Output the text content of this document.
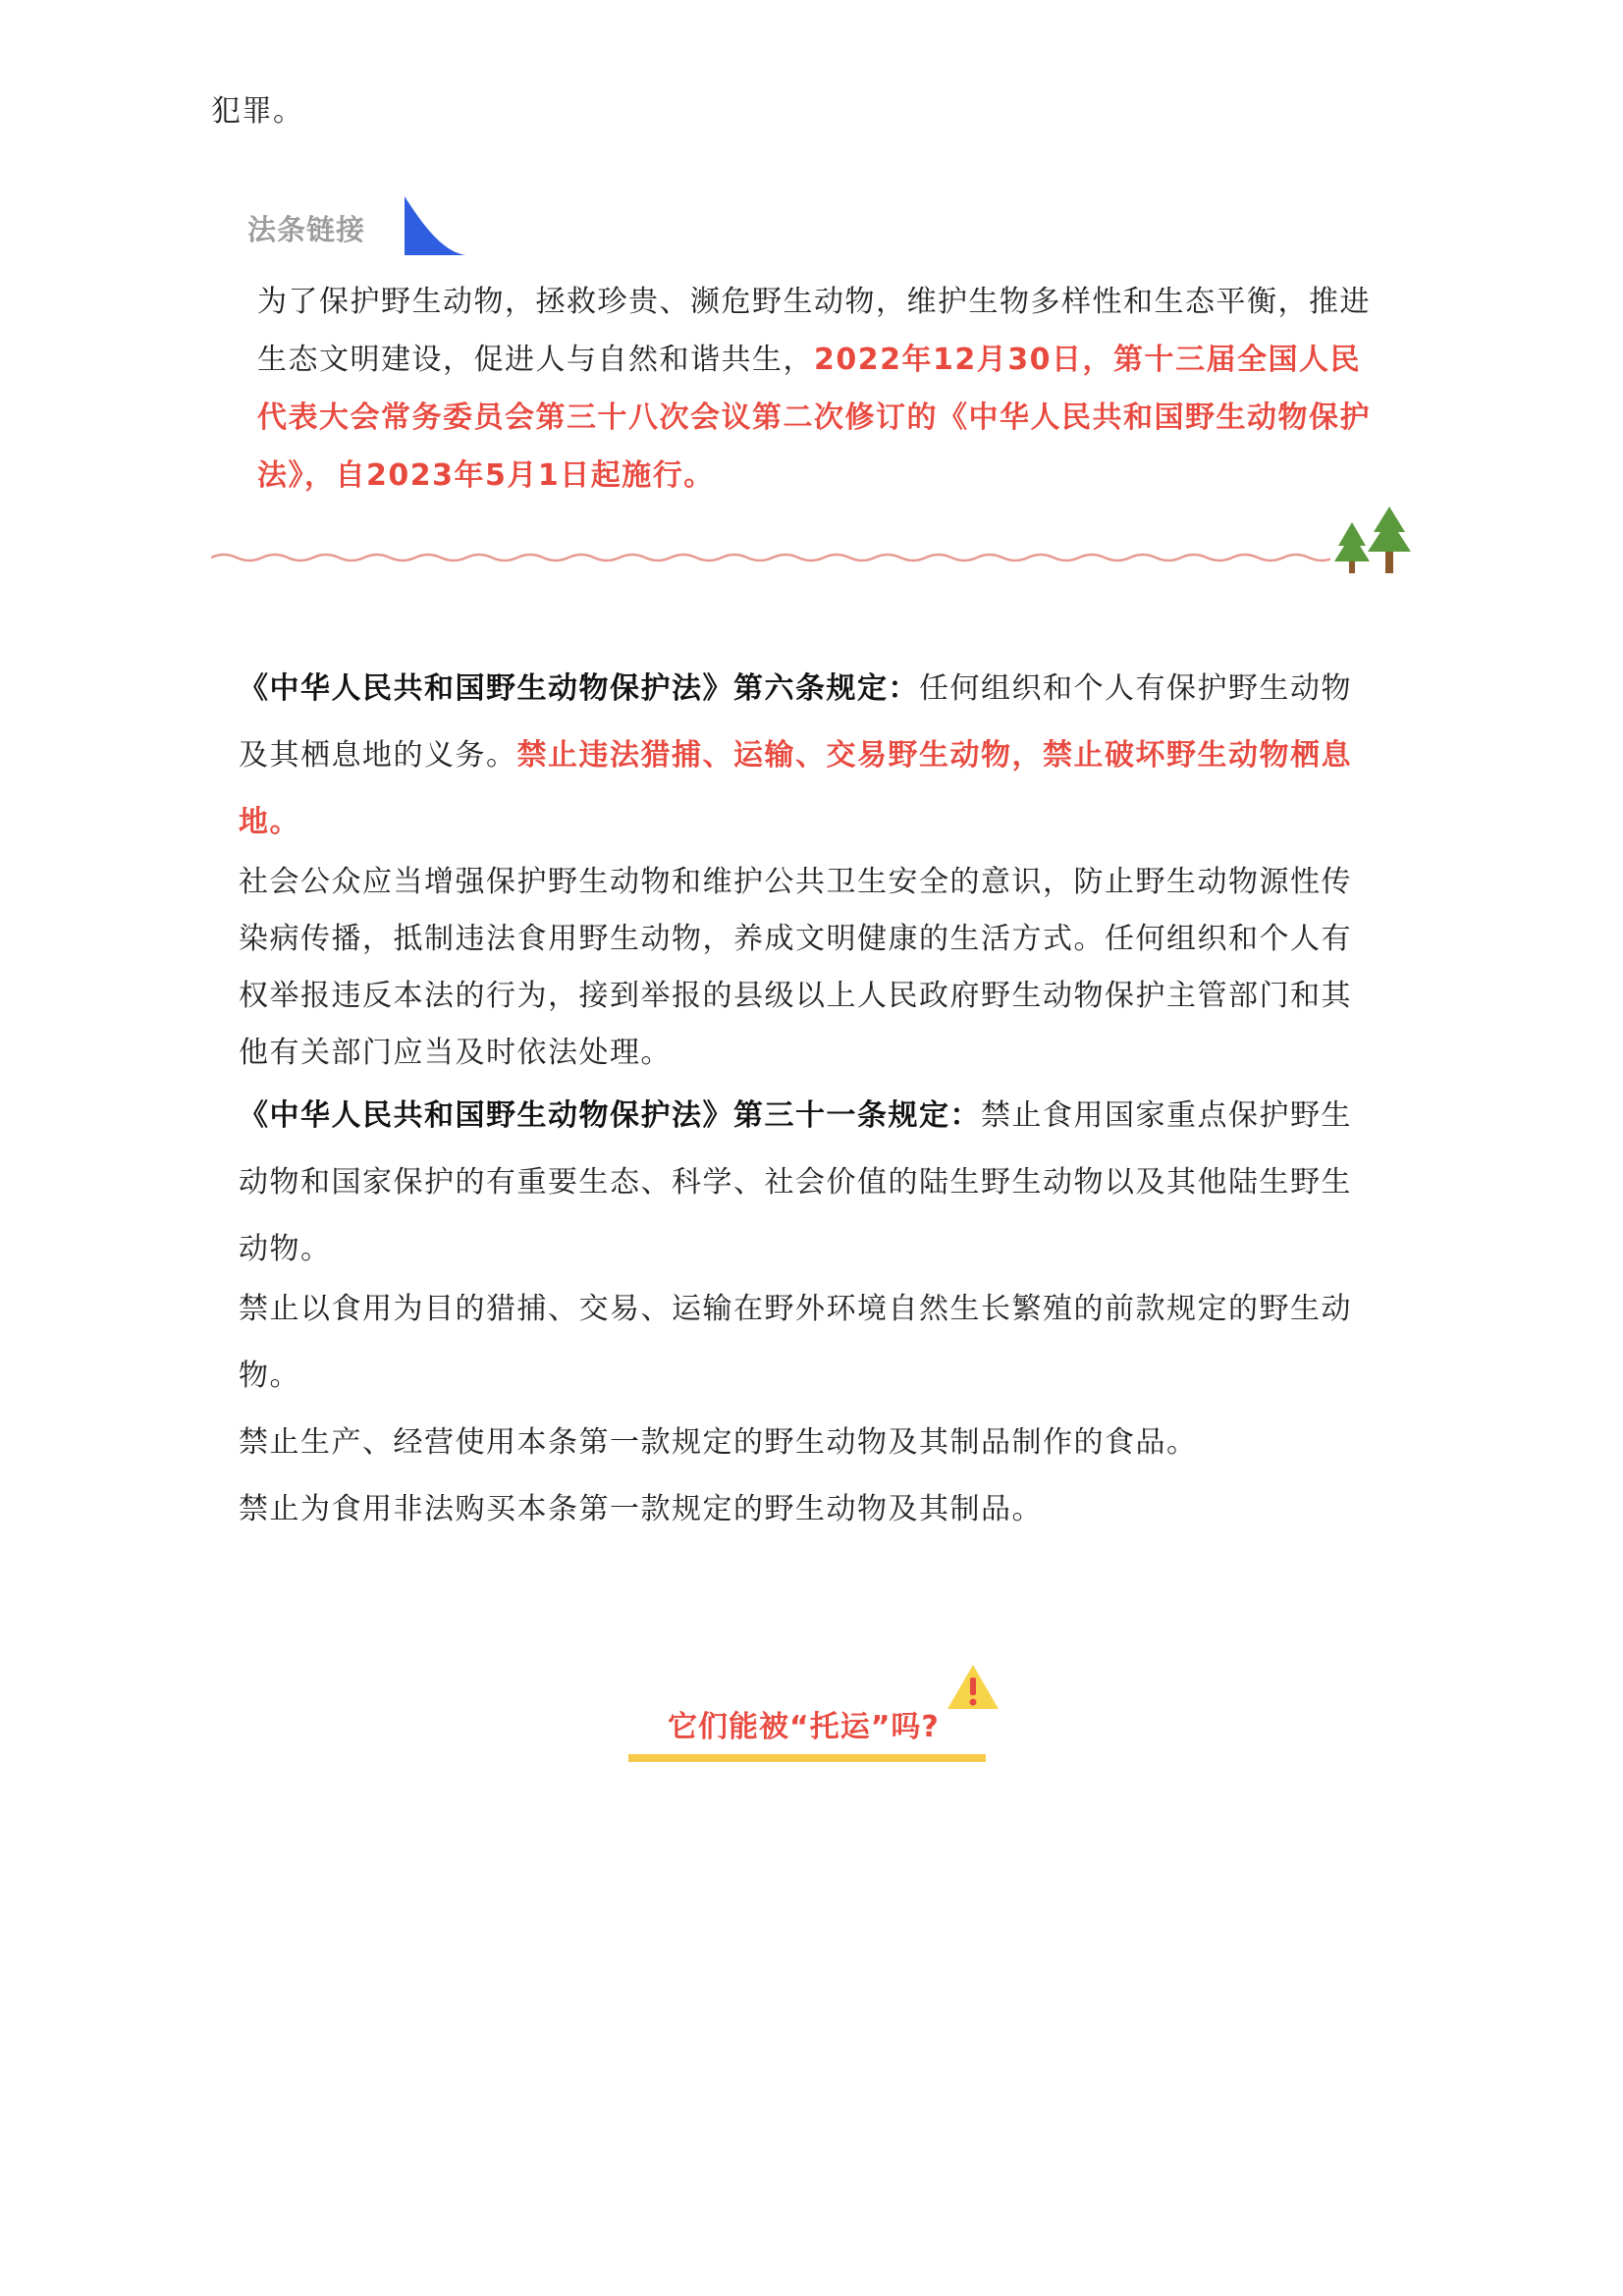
犯罪。

法条链接

为了保护野生动物，拯救珍贵、濒危野生动物，维护生物多样性和生态平衡，推进生态文明建设，促进人与自然和谐共生，2022年12月30日，第十三届全国人民代表大会常务委员会第三十八次会议第二次修订的《中华人民共和国野生动物保护法》，自2023年5月1日起施行。

《中华人民共和国野生动物保护法》第六条规定：任何组织和个人有保护野生动物及其栖息地的义务。禁止违法猎捕、运输、交易野生动物，禁止破坏野生动物栖息地。

社会公众应当增强保护野生动物和维护公共卫生安全的意识，防止野生动物源性传染病传播，抵制违法食用野生动物，养成文明健康的生活方式。任何组织和个人有权举报违反本法的行为，接到举报的县级以上人民政府野生动物保护主管部门和其他有关部门应当及时依法处理。

《中华人民共和国野生动物保护法》第三十一条规定：禁止食用国家重点保护野生动物和国家保护的有重要生态、科学、社会价值的陆生野生动物以及其他陆生野生动物。

禁止以食用为目的猎捕、交易、运输在野外环境自然生长繁殖的前款规定的野生动物。

禁止生产、经营使用本条第一款规定的野生动物及其制品制作的食品。

禁止为食用非法购买本条第一款规定的野生动物及其制品。

它们能被“托运”吗?
